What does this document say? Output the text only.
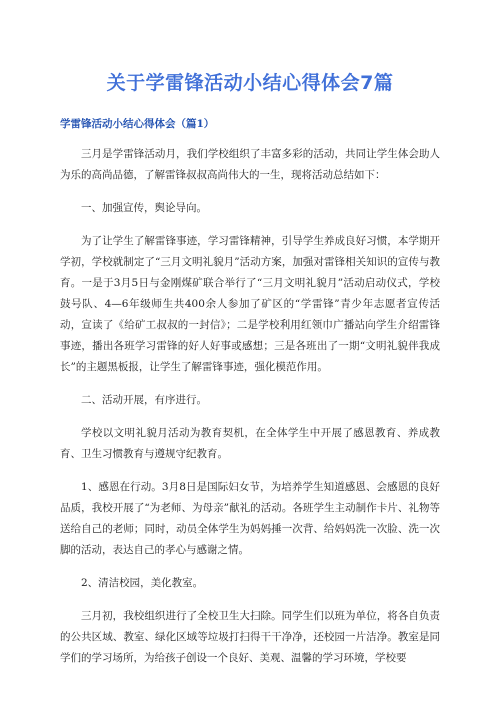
关于学雷锋活动小结心得体会7篇
学雷锋活动小结心得体会（篇1）

三月是学雷锋活动月，我们学校组织了丰富多彩的活动，共同让学生体会助人为乐的高尚品德，了解雷锋叔叔高尚伟大的一生，现将活动总结如下：

一、加强宣传，舆论导向。

为了让学生了解雷锋事迹，学习雷锋精神，引导学生养成良好习惯，本学期开学初，学校就制定了“三月文明礼貌月”活动方案，加强对雷锋相关知识的宣传与教育。一是于3月5日与金刚煤矿联合举行了“三月文明礼貌月”活动启动仪式，学校鼓号队、4—6年级师生共400余人参加了矿区的“学雷锋”青少年志愿者宣传活动，宣读了《给矿工叔叔的一封信》；二是学校利用红领巾广播站向学生介绍雷锋事迹，播出各班学习雷锋的好人好事或感想；三是各班出了一期“文明礼貌伴我成长”的主题黑板报，让学生了解雷锋事迹，强化模范作用。

二、活动开展，有序进行。

学校以文明礼貌月活动为教育契机，在全体学生中开展了感恩教育、养成教育、卫生习惯教育与遵规守纪教育。

1、感恩在行动。3月8日是国际妇女节，为培养学生知道感恩、会感恩的良好品质，我校开展了“为老师、为母亲”献礼的活动。各班学生主动制作卡片、礼物等送给自己的老师；同时，动员全体学生为妈妈捶一次背、给妈妈洗一次脸、洗一次脚的活动，表达自己的孝心与感谢之情。

2、清洁校园，美化教室。

三月初，我校组织进行了全校卫生大扫除。同学生们以班为单位，将各自负责的公共区域、教室、绿化区域等垃圾打扫得干干净净，还校园一片洁净。教室是同学们的学习场所，为给孩子创设一个良好、美观、温馨的学习环境，学校要
